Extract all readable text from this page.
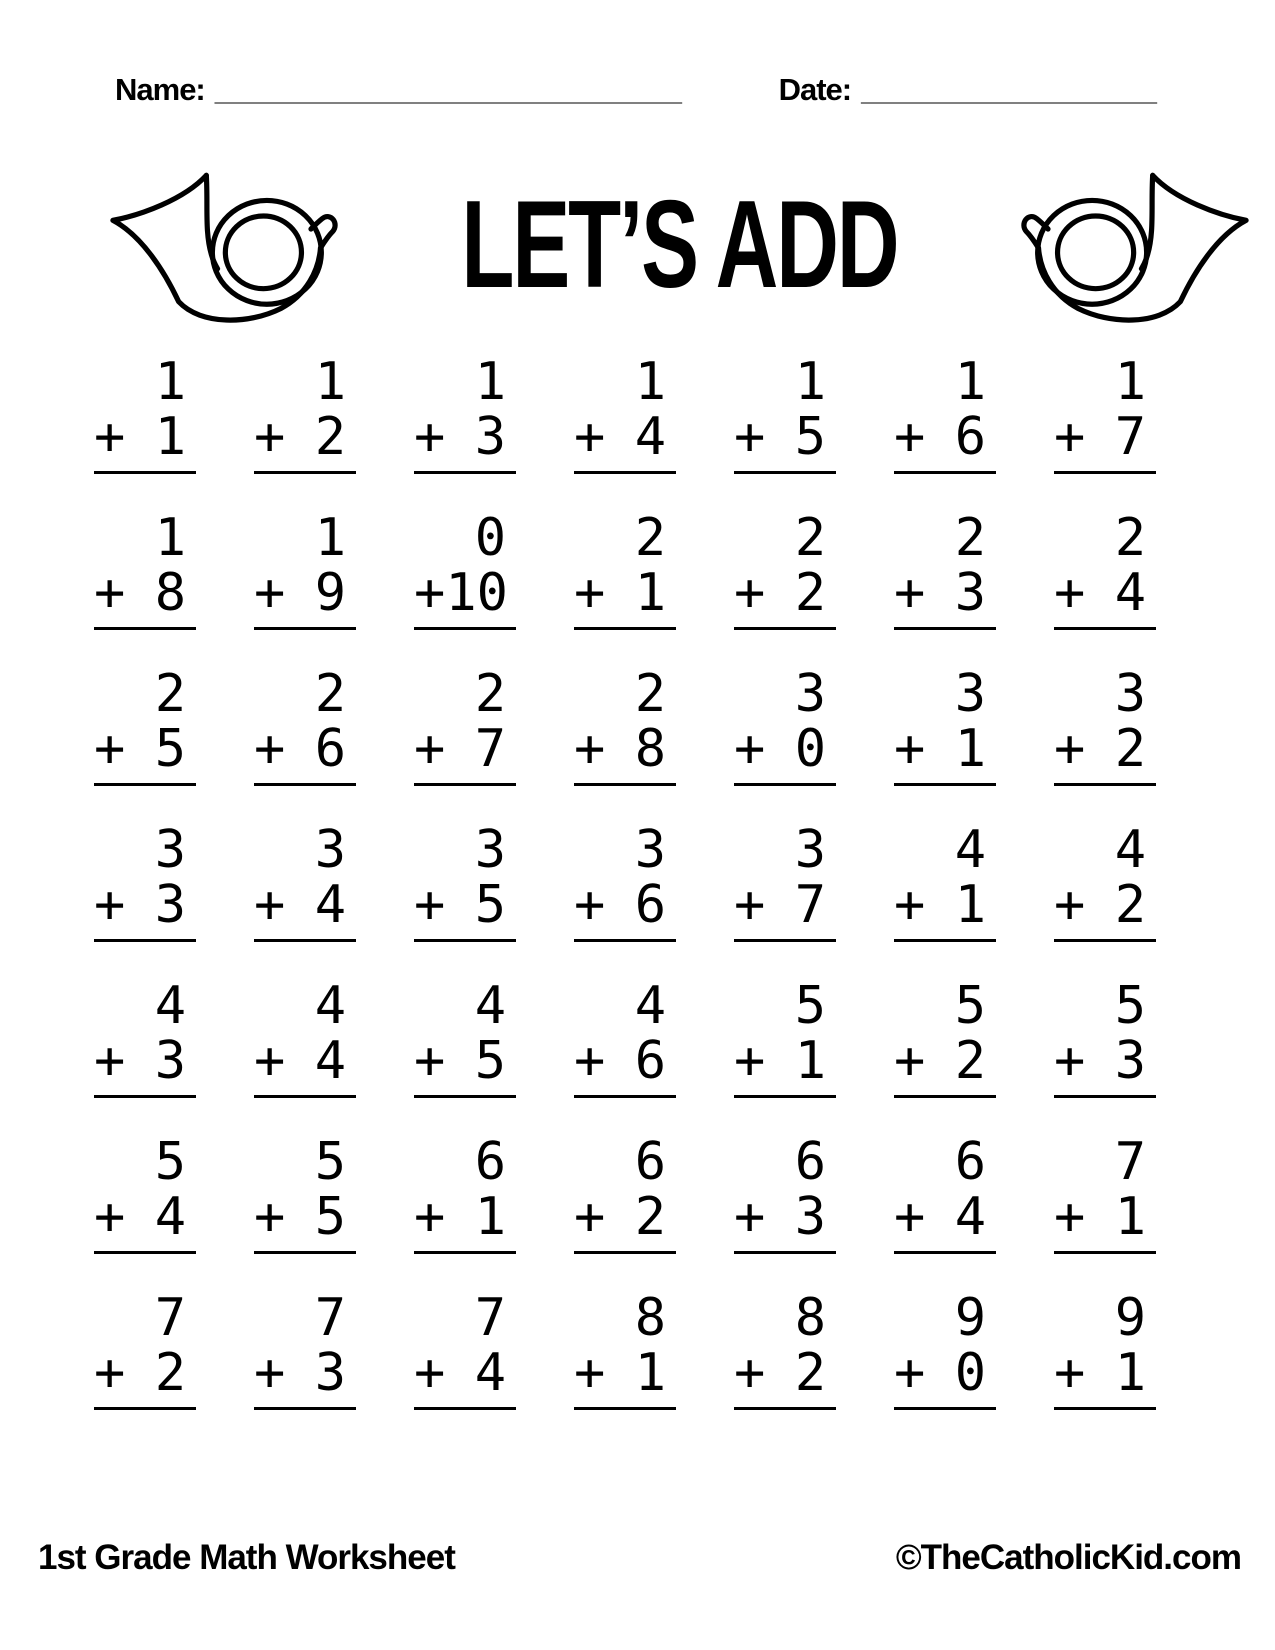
Name: ______________________________	Date: ___________________
LET’S ADD
1
+ 1
1
+ 2
1
+ 3
1
+ 4
1
+ 5
1
+ 6
1
+ 7
1
+ 8
1
+ 9
0
+ 10
2
+ 1
2
+ 2
2
+ 3
2
+ 4
2
+ 5
2
+ 6
2
+ 7
2
+ 8
3
+ 0
3
+ 1
3
+ 2
3
+ 3
3
+ 4
3
+ 5
3
+ 6
3
+ 7
4
+ 1
4
+ 2
4
+ 3
4
+ 4
4
+ 5
4
+ 6
5
+ 1
5
+ 2
5
+ 3
5
+ 4
5
+ 5
6
+ 1
6
+ 2
6
+ 3
6
+ 4
7
+ 1
7
+ 2
7
+ 3
7
+ 4
8
+ 1
8
+ 2
9
+ 0
9
+ 1
1st Grade Math Worksheet	©TheCatholicKid.com
